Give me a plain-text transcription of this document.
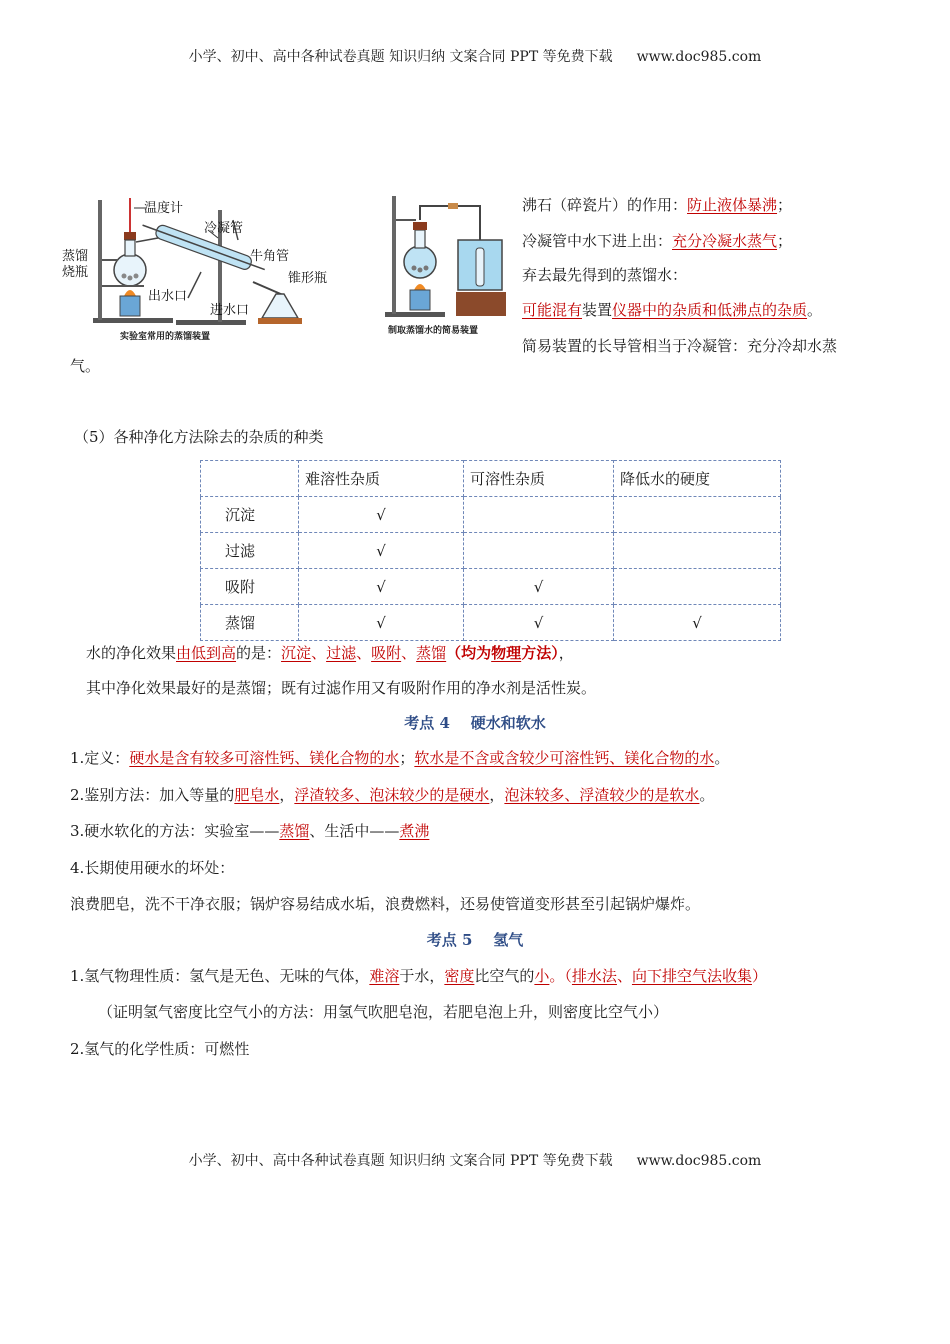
小学、初中、高中各种试卷真题 知识归纳 文案合同 PPT 等免费下载 www.doc985.com
温度计
冷凝管
蒸馏
烧瓶
牛角管
出水口
进水口
锥形瓶
实验室常用的蒸馏装置
制取蒸馏水的简易装置
沸石（碎瓷片）的作用：防止液体暴沸；
冷凝管中水下进上出：充分冷凝水蒸气；
弃去最先得到的蒸馏水：
可能混有装置仪器中的杂质和低沸点的杂质。
简易装置的长导管相当于冷凝管：充分冷却水蒸
气。
（5）各种净化方法除去的杂质的种类
	难溶性杂质	可溶性杂质	降低水的硬度
沉淀	√		
过滤	√		
吸附	√	√	
蒸馏	√	√	√
水的净化效果由低到高的是：沉淀、过滤、吸附、蒸馏（均为物理方法），
其中净化效果最好的是蒸馏；既有过滤作用又有吸附作用的净水剂是活性炭。
考点 4    硬水和软水
1.定义：硬水是含有较多可溶性钙、镁化合物的水；软水是不含或含较少可溶性钙、镁化合物的水。
2.鉴别方法：加入等量的肥皂水，浮渣较多、泡沫较少的是硬水，泡沫较多、浮渣较少的是软水。
3.硬水软化的方法：实验室——蒸馏、生活中——煮沸
4.长期使用硬水的坏处：
浪费肥皂，洗不干净衣服；锅炉容易结成水垢，浪费燃料，还易使管道变形甚至引起锅炉爆炸。
考点 5    氢气
1.氢气物理性质：氢气是无色、无味的气体，难溶于水，密度比空气的小。（排水法、向下排空气法收集）
（证明氢气密度比空气小的方法：用氢气吹肥皂泡，若肥皂泡上升，则密度比空气小）
2.氢气的化学性质：可燃性
小学、初中、高中各种试卷真题 知识归纳 文案合同 PPT 等免费下载 www.doc985.com
